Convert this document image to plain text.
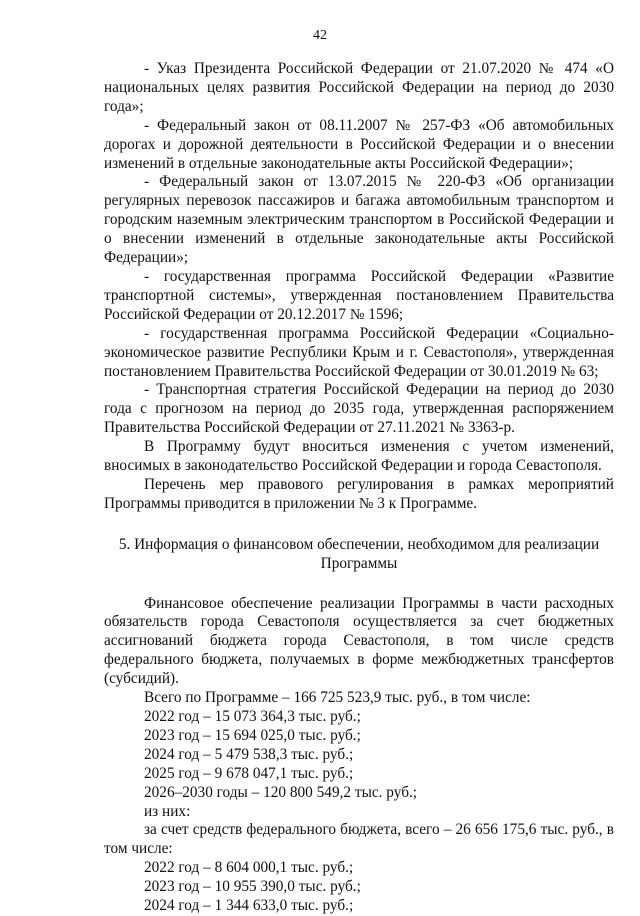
42

- Указ Президента Российской Федерации от 21.07.2020 № 474 «О национальных целях развития Российской Федерации на период до 2030 года»;

- Федеральный закон от 08.11.2007 № 257-ФЗ «Об автомобильных дорогах и дорожной деятельности в Российской Федерации и о внесении изменений в отдельные законодательные акты Российской Федерации»;

- Федеральный закон от 13.07.2015 № 220-ФЗ «Об организации регулярных перевозок пассажиров и багажа автомобильным транспортом и городским наземным электрическим транспортом в Российской Федерации и о внесении изменений в отдельные законодательные акты Российской Федерации»;

- государственная программа Российской Федерации «Развитие транспортной системы», утвержденная постановлением Правительства Российской Федерации от 20.12.2017 № 1596;

- государственная программа Российской Федерации «Социально-экономическое развитие Республики Крым и г. Севастополя», утвержденная постановлением Правительства Российской Федерации от 30.01.2019 № 63;

- Транспортная стратегия Российской Федерации на период до 2030 года с прогнозом на период до 2035 года, утвержденная распоряжением Правительства Российской Федерации от 27.11.2021 № 3363-р.

В Программу будут вноситься изменения с учетом изменений, вносимых в законодательство Российской Федерации и города Севастополя.

Перечень мер правового регулирования в рамках мероприятий Программы приводится в приложении № 3 к Программе.

5. Информация о финансовом обеспечении, необходимом для реализации
Программы

Финансовое обеспечение реализации Программы в части расходных обязательств города Севастополя осуществляется за счет бюджетных ассигнований бюджета города Севастополя, в том числе средств федерального бюджета, получаемых в форме межбюджетных трансфертов (субсидий).

Всего по Программе – 166 725 523,9 тыс. руб., в том числе:

2022 год – 15 073 364,3 тыс. руб.;

2023 год – 15 694 025,0 тыс. руб.;

2024 год – 5 479 538,3 тыс. руб.;

2025 год – 9 678 047,1 тыс. руб.;

2026–2030 годы – 120 800 549,2 тыс. руб.;

из них:

за счет средств федерального бюджета, всего – 26 656 175,6 тыс. руб., в том числе:

2022 год – 8 604 000,1 тыс. руб.;

2023 год – 10 955 390,0 тыс. руб.;

2024 год – 1 344 633,0 тыс. руб.;
